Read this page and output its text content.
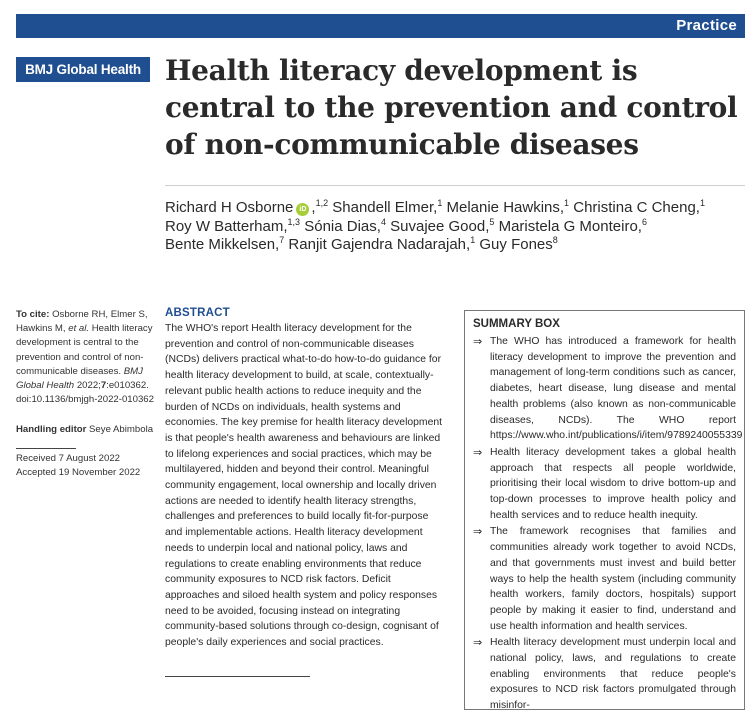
Practice
BMJ Global Health Health literacy development is central to the prevention and control of non-communicable diseases
Richard H Osborne iD ,$^{1,2}$ Shandell Elmer,$^1$ Melanie Hawkins,$^1$ Christina C Cheng,$^1$
Roy W Batterham,$^{1,3}$ Sónia Dias,$^4$ Suvajee Good,$^5$ Maristela G Monteiro,$^6$
Bente Mikkelsen,$^7$ Ranjit Gajendra Nadarajah,$^1$ Guy Fones$^8$
To cite: Osborne RH, Elmer S, Hawkins M, et al. Health literacy development is central to the prevention and control of non-communicable diseases. BMJ Global Health 2022;7:e010362. doi:10.1136/bmjgh-2022-010362
Handling editor Seye Abimbola
Received 7 August 2022
Accepted 19 November 2022
ABSTRACT

The WHO's report Health literacy development for the prevention and control of non-communicable diseases (NCDs) delivers practical what-to-do how-to-do guidance for health literacy development to build, at scale, contextually-relevant public health actions to reduce inequity and the burden of NCDs on individuals, health systems and economies. The key premise for health literacy development is that people's health awareness and behaviours are linked to lifelong experiences and social practices, which may be multilayered, hidden and beyond their control. Meaningful community engagement, local ownership and locally driven actions are needed to identify health literacy strengths, challenges and preferences to build locally fit-for-purpose and implementable actions. Health literacy development needs to underpin local and national policy, laws and regulations to create enabling environments that reduce community exposures to NCD risk factors. Deficit approaches and siloed health system and policy responses need to be avoided, focusing instead on integrating community-based solutions through co-design, cognisant of people's daily experiences and social practices.

SUMMARY BOX
⇒ The WHO has introduced a framework for health literacy development to improve the prevention and management of long-term conditions such as cancer, diabetes, heart disease, lung disease and mental health problems (also known as non-communicable diseases, NCDs). The WHO report https://www.who.int/publications/i/item/9789240055339
⇒ Health literacy development takes a global health approach that respects all people worldwide, prioritising their local wisdom to drive bottom-up and top-down processes to improve health policy and health services and to reduce health inequity.
⇒ The framework recognises that families and communities already work together to avoid NCDs, and that governments must invest and build better ways to help the health system (including community health workers, family doctors, hospitals) support people by making it easier to find, understand and use health information and health services.
⇒ Health literacy development must underpin local and national policy, laws, and regulations to create enabling environments that reduce people's exposures to NCD risk factors promulgated through misinfor-
